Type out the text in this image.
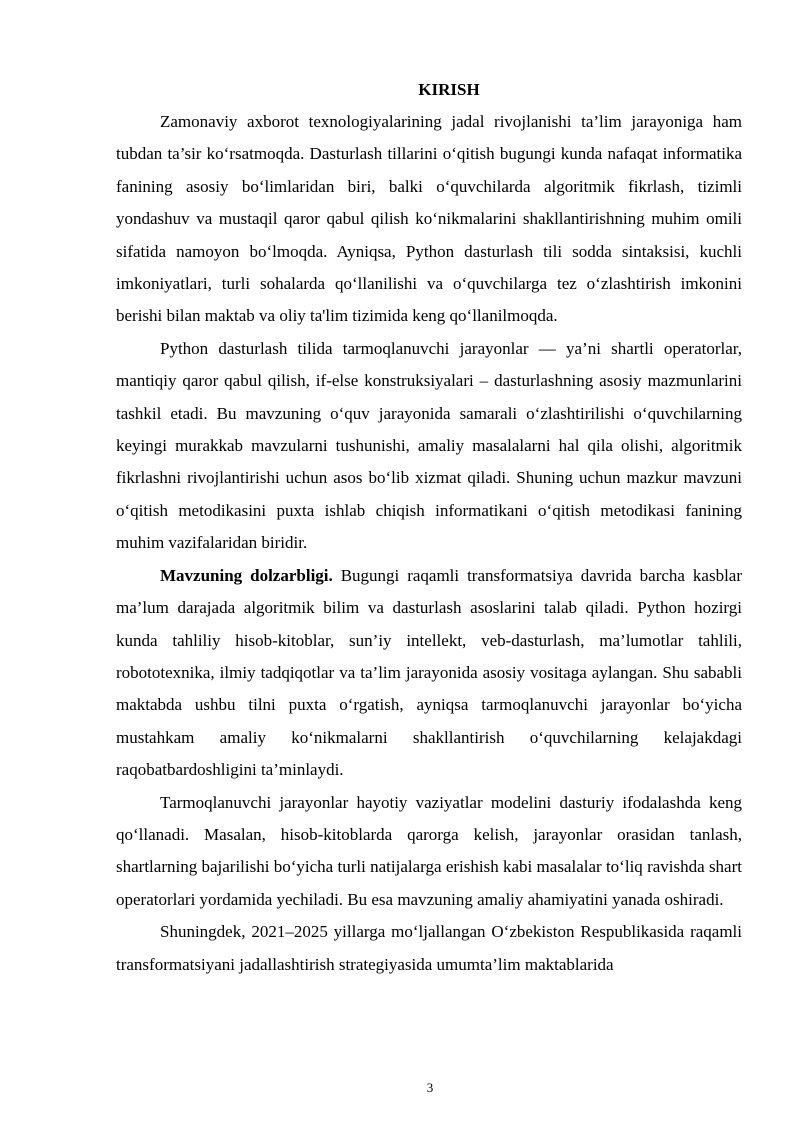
KIRISH

Zamonaviy axborot texnologiyalarining jadal rivojlanishi ta’lim jarayoniga ham tubdan ta’sir ko‘rsatmoqda. Dasturlash tillarini o‘qitish bugungi kunda nafaqat informatika fanining asosiy bo‘limlaridan biri, balki o‘quvchilarda algoritmik fikrlash, tizimli yondashuv va mustaqil qaror qabul qilish ko‘nikmalarini shakllantirishning muhim omili sifatida namoyon bo‘lmoqda. Ayniqsa, Python dasturlash tili sodda sintaksisi, kuchli imkoniyatlari, turli sohalarda qo‘llanilishi va o‘quvchilarga tez o‘zlashtirish imkonini berishi bilan maktab va oliy ta'lim tizimida keng qo‘llanilmoqda.

Python dasturlash tilida tarmoqlanuvchi jarayonlar — ya’ni shartli operatorlar, mantiqiy qaror qabul qilish, if-else konstruksiyalari – dasturlashning asosiy mazmunlarini tashkil etadi. Bu mavzuning o‘quv jarayonida samarali o‘zlashtirilishi o‘quvchilarning keyingi murakkab mavzularni tushunishi, amaliy masalalarni hal qila olishi, algoritmik fikrlashni rivojlantirishi uchun asos bo‘lib xizmat qiladi. Shuning uchun mazkur mavzuni o‘qitish metodikasini puxta ishlab chiqish informatikani o‘qitish metodikasi fanining muhim vazifalaridan biridir.

Mavzuning dolzarbligi. Bugungi raqamli transformatsiya davrida barcha kasblar ma’lum darajada algoritmik bilim va dasturlash asoslarini talab qiladi. Python hozirgi kunda tahliliy hisob-kitoblar, sun’iy intellekt, veb-dasturlash, ma’lumotlar tahlili, robototexnika, ilmiy tadqiqotlar va ta’lim jarayonida asosiy vositaga aylangan. Shu sababli maktabda ushbu tilni puxta o‘rgatish, ayniqsa tarmoqlanuvchi jarayonlar bo‘yicha mustahkam amaliy ko‘nikmalarni shakllantirish o‘quvchilarning kelajakdagi raqobatbardoshligini ta’minlaydi.

Tarmoqlanuvchi jarayonlar hayotiy vaziyatlar modelini dasturiy ifodalashda keng qo‘llanadi. Masalan, hisob-kitoblarda qarorga kelish, jarayonlar orasidan tanlash, shartlarning bajarilishi bo‘yicha turli natijalarga erishish kabi masalalar to‘liq ravishda shart operatorlari yordamida yechiladi. Bu esa mavzuning amaliy ahamiyatini yanada oshiradi.

Shuningdek, 2021–2025 yillarga mo‘ljallangan O‘zbekiston Respublikasida raqamli transformatsiyani jadallashtirish strategiyasida umumta’lim maktablarida

3
